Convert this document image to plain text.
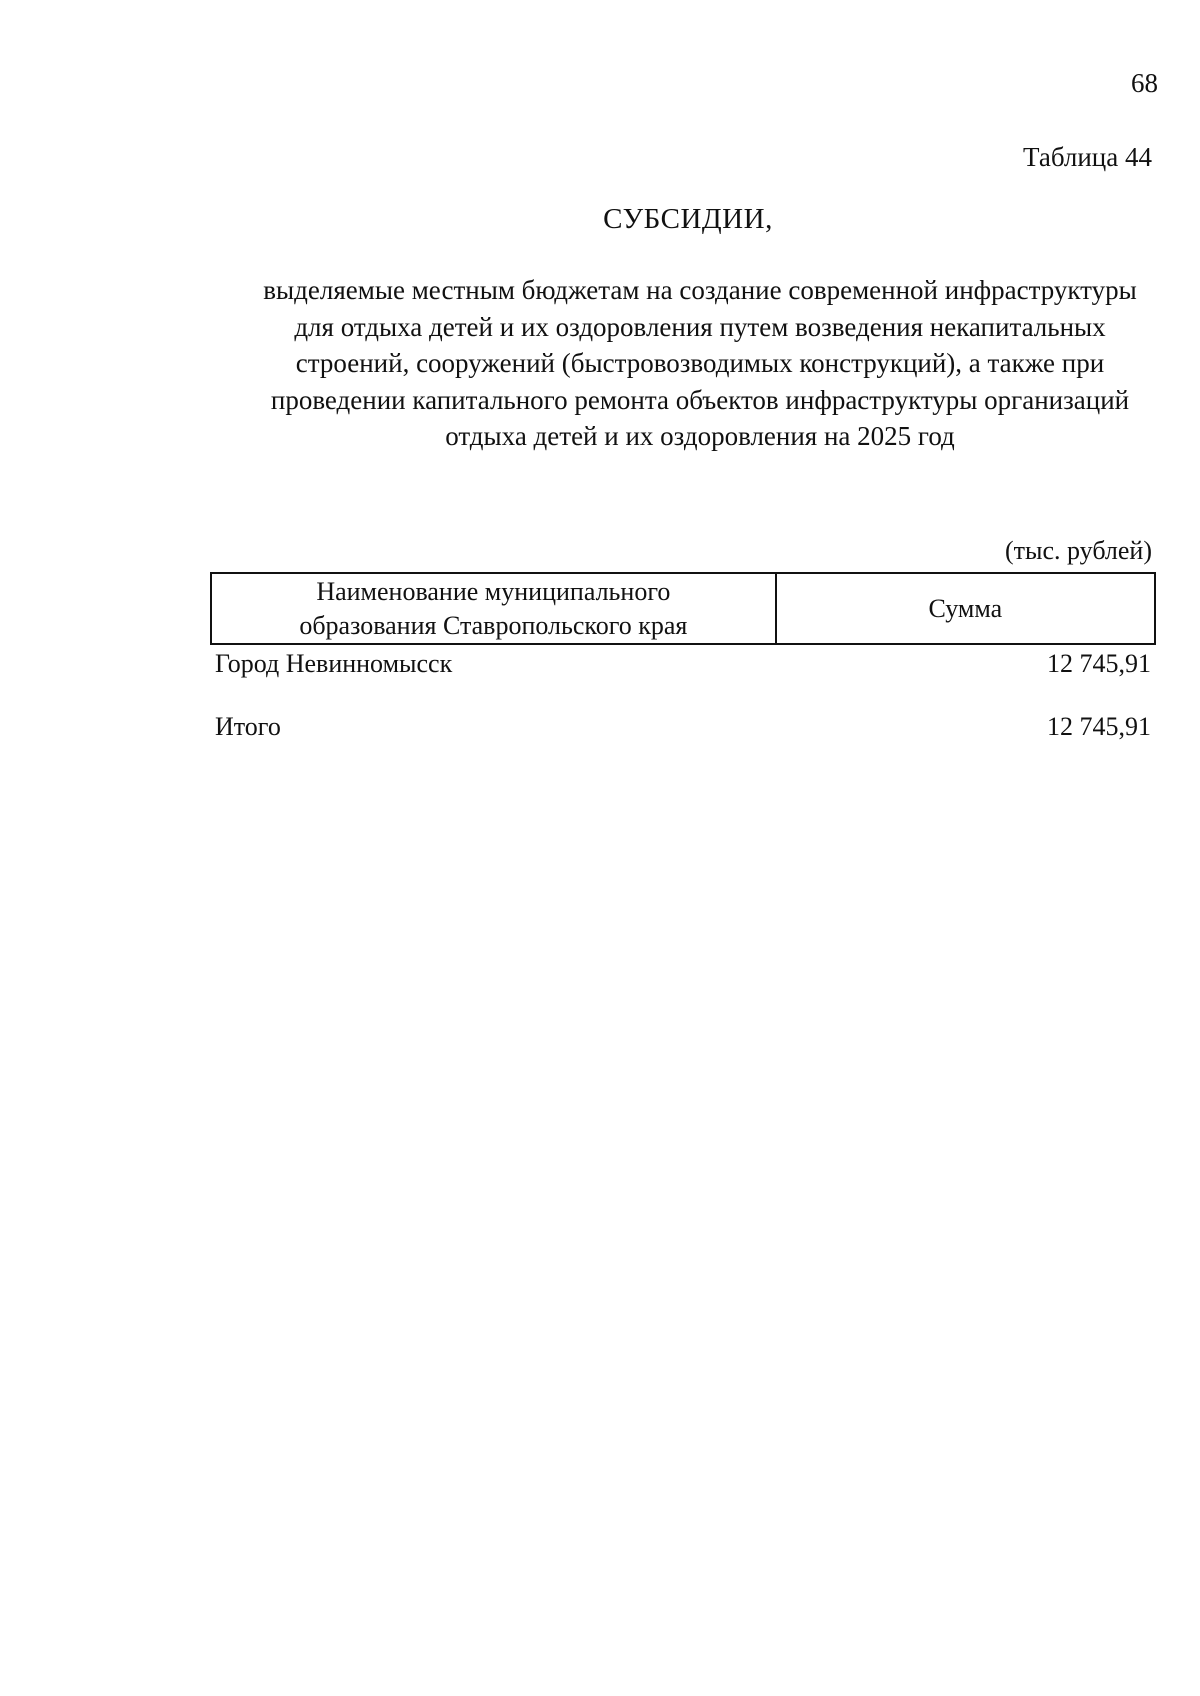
68
Таблица 44
СУБСИДИИ,

выделяемые местным бюджетам на создание современной инфраструктуры
для отдыха детей и их оздоровления путем возведения некапитальных
строений, сооружений (быстровозводимых конструкций), а также при
проведении капитального ремонта объектов инфраструктуры организаций
отдыха детей и их оздоровления на 2025 год

(тыс. рублей)
Наименование муниципального
образования Ставропольского края
	Сумма
Город Невинномысск	12 745,91
Итого	12 745,91
